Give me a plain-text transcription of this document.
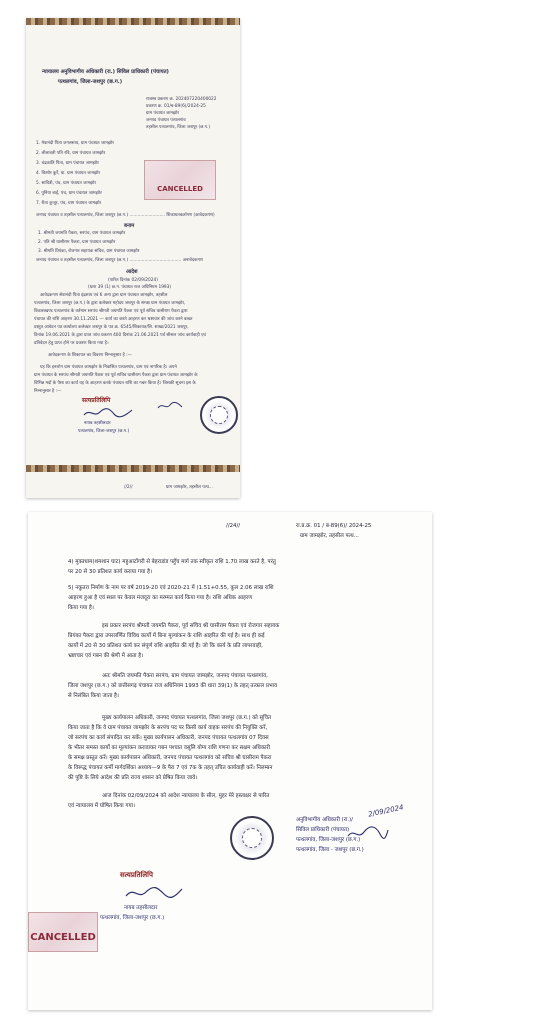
न्यायालय अनुविभागीय अधिकारी (रा.) सिविल प्राधिकारी (पंचायत)
पत्थलगांव, जिला-जशपुर (छ.ग.)
राजस्व प्रकरण क्र. 202407220400022
प्रकरण क्र. 01/ब-89(6)/2024-25
ग्राम पंचायत जामझोर
जनपद पंचायत पत्थलगांव
तहसील पत्थलगांव, जिला जशपुर (छ.ग.)
1. मेवानंदी पिता जगलसाय, ग्राम पंचायत जामझोर
2. लीलावती पति रवि, ग्राम पंचायत जामझोर
3. चंद्रकांति पिता, ग्राम पंचायत जामझोर
4. किशोर कुर्रे, ग्रा. ग्राम पंचायत जामझोर
5. सावित्री, पंच, ग्राम पंचायत जामझोर
6. पुनिया बाई, पंच, ग्राम पंचायत जामझोर
7. रीता कुजूर, पंच, ग्राम पंचायत जामझोर
CANCELLED
जनपद पंचायत व तहसील पत्थलगांव, जिला जशपुर (छ.ग.) .......................... शिकायतकर्तागण (आवेदकगण)
बनाम
1. श्रीमती जयमति पैकरा, सरपंच, ग्राम पंचायत जामझोर
2. पति श्री घासीराम पैकरा, ग्राम पंचायत जामझोर
3. श्रीमति प्रियंका, रोजगार सहायक सचिव, ग्राम पंचायत जामझोर
जनपद पंचायत व तहसील पत्थलगांव, जिला जशपुर (छ.ग.) ...................................... अनावेदकगण
आदेश
(पारित दिनांक 02/09/2024)
(धारा 39 (1) छ.ग. पंचायत राज अधिनियम 1993)
आवेदकगण सेवानंदी पिता इंद्रसाय एवं 6 अन्य द्वारा ग्राम पंचायत जामझोर, तहसील
पत्थलगांव, जिला जशपुर (छ.ग.) के द्वारा कलेक्टर महोदय जशपुर के समक्ष ग्राम पंचायत जामझोर,
विकासखण्ड पत्थलगांव के वर्तमान सरपंच श्रीमती जयमति पैकरा एवं पूर्व सचिव घासीराम पैकरा द्वारा
पंचायत की राशि आहरण 30.11.2021 — कार्य का करते आहरण कर भ्रष्टाचार की जांच करने बाबत
प्रस्तुत आवेदन पत्र कार्यालय कलेक्टर जशपुर के पत्र क्र. 6545/शिकायत/लि. शाखा/2021 जशपुर,
दिनांक 19.06.2021 के द्वारा प्राप्त जांच प्रकरण 400 दिनांक 21.06.2021 पर्व सीसल जांच कार्यवाही एवं
प्रतिवेदन हेतु प्राप्त होने पर प्रकरण किया गया है।
आवेदकगण के शिकायत का विवरण निम्नानुसार है :—
यह कि इनलोग ग्राम पंचायत जामझोर के निवासित पत्थलगांव, ग्राम एवं नागरिक है। अपने
ग्राम पंचायत के सरपंच श्रीमती जयमति पैकरा एवं पूर्व सचिव घासीराम पैकरा द्वारा ग्राम पंचायत जामझोर के
विभिन्न मदों के पैसा का कार्य वह के आहरण करके पंचायत राशि का गबन किया है। जिसकी सूचना इस के
निम्नानुसार है :—
सत्यप्रतिलिपि
नायब तहसीलदार
पत्थलगांव, जिला-जशपुर (छ.ग.)
//2//	ग्राम जामझोर, तहसील पत्थ...
//24//	रा.प्र.क्र. 01 / ब-89(6)/ 2024-25
ग्राम जामझोर, तहसील पत्थ...
4) मुक्तधाम(शमशान घाट) महुआटोंगरी से बेहराडांड पहुँच मार्ग तक स्वीकृत राशि 1.70 लाख करते है, परंतु
पर 20 से 30 प्रतिशत कार्य कराया गया है।
5) नकुतरा निर्माण के नाम पर वर्ष 2019-20 एवं 2020-21 में (1.51+0.55, कुल 2.06 लाख राशि
आहरण हुआ है एवं स्थल पर केवल मजदूरा का मरम्मत कार्य किया गया है। राशि अधिक आहरण
किया गया है।
इस प्रकार सरपंच श्रीमती जयमति पैकरा, पूर्व सचिव श्री घासीराम पैकरा एवं रोजगार सहायक
प्रियंका पैकरा द्वारा उपरलर्णित विविध कार्यों में बिना मूल्यांकन के राशि आहरित की गई है। साथ ही कई
कार्यों में 20 से 30 प्रतिशत कार्य कर संपूर्ण राशि आहरित की गई है। जो कि कार्य के प्रति लापरवाही,
भ्रष्टाचार एवं गबन की श्रेणी में आता है।
अतः श्रीमति जयमति पैकरा सरपंच, ग्राम पंचायत जामझोर, जनपद पंचायत पत्थलगांव,
जिला जशपुर (छ.ग.) को छत्तीसगढ़ पंचायत राज अधिनियम 1993 की धारा 39(1) के तहत् तत्काल प्रभाव
से निलंबित किया जाता है।
मुख्य कार्यपालन अधिकारी, जनपद पंचायत पत्थलगांव, जिला जशपुर (छ.ग.) को सूचित
किया जाता है कि वे ग्राम पंचायत जामझोर के सरपंच पद पर किसी कार्य वाहक सरपंच की नियुक्ति करें,
जो सरपंच का कार्य संपादित कर सकें। मुख्य कार्यपालन अधिकारी, जनपद पंचायत पत्थलगांव 07 दिवस
के भीतर समस्त कार्यो का मूल्यांकन करावाकर गबन पश्चात वसूलि योग्य राशि गणना कर सक्षम अधिकारी
के समक्ष प्रस्तुत करें। मुख्य कार्यपालन अधिकारी, जनपद पंचायत पत्थलगांव को सचिव श्री घासीराम पैकरा
के विरूद्ध पंचायत कर्मी मार्गदर्शिका अध्याय—9 के पैरा 7 एवं 7क के तहत् उचित कार्यवाही करें। निलम्बन
की पुष्टि के लिये आदेश की प्रति राज्य शासन को प्रेषित किया जावे।
आज दिनांक 02/09/2024 को आदेश न्यायालय के सील, मुहर मेरे हस्ताक्षर से पारित
एवं न्यायालय में घोषित किया गया।
अनुविभागीय अधिकारी (रा.)/
सिविल प्राधिकारी (पंचायत)
पत्थलगांव, जिला-जशपुर (छ.ग.)
पत्थलगांव, जिला - जशपुर (छ.ग.)
2/09/2024
सत्यप्रतिलिपि
नायब तहसीलदार
पत्थलगांव, जिला-जशपुर (छ.ग.)
CANCELLED
